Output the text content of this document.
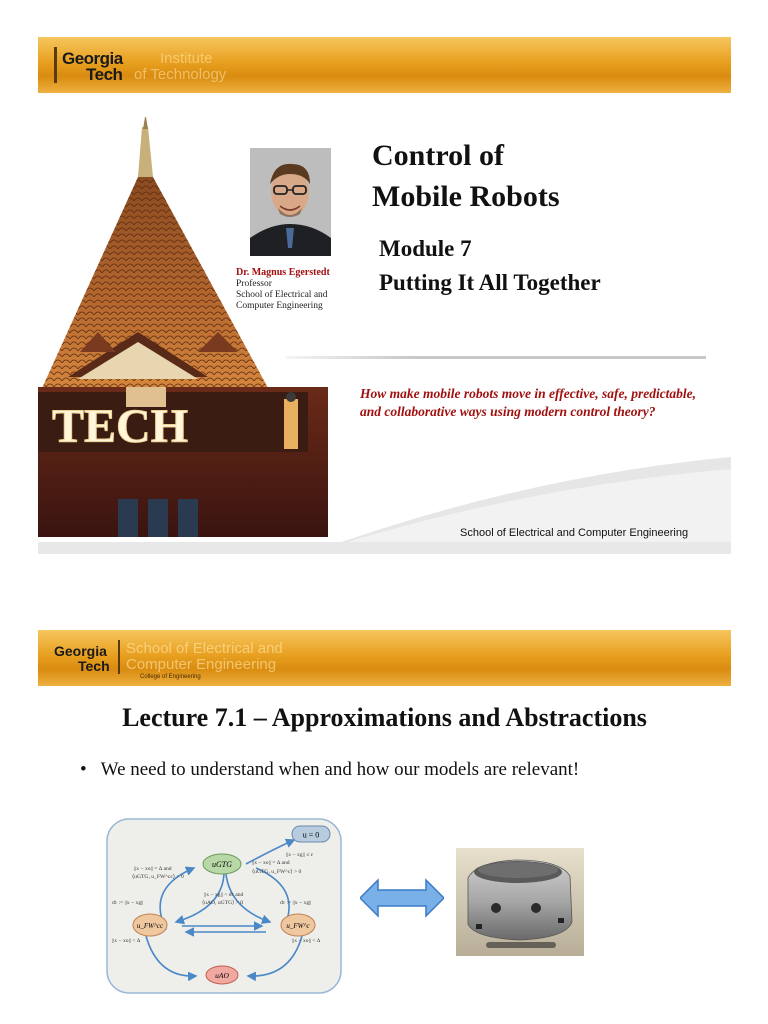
Georgia
Tech
Institute
of Technology
TECH
Dr. Magnus Egerstedt
Professor
School of Electrical and
Computer Engineering
Control of
Mobile Robots
Module 7
Putting It All Together
How make mobile robots move in effective, safe, predictable, and collaborative ways using modern control theory?
School of Electrical and Computer Engineering
Georgia
Tech
School of Electrical and
Computer Engineering
College of Engineering
Lecture 7.1 – Approximations and Abstractions
• We need to understand when and how our models are relevant!
u = 0
uGTG
u_FW^cc	u_FW^c
uAO
||x − xo|| = Δ and
⟨uGTG, u_FW^cc⟩ > 0
||x − xo|| = Δ and
⟨uGTG, u_FW^c⟩ > 0
||x − xg|| < dτ and
⟨uAO, uGTG⟩ > 0
||x − xg|| ≤ ε
dτ := ||x − xg||	dτ := ||x − xg||
||x − xo|| < Δ	||x − xo|| < Δ
